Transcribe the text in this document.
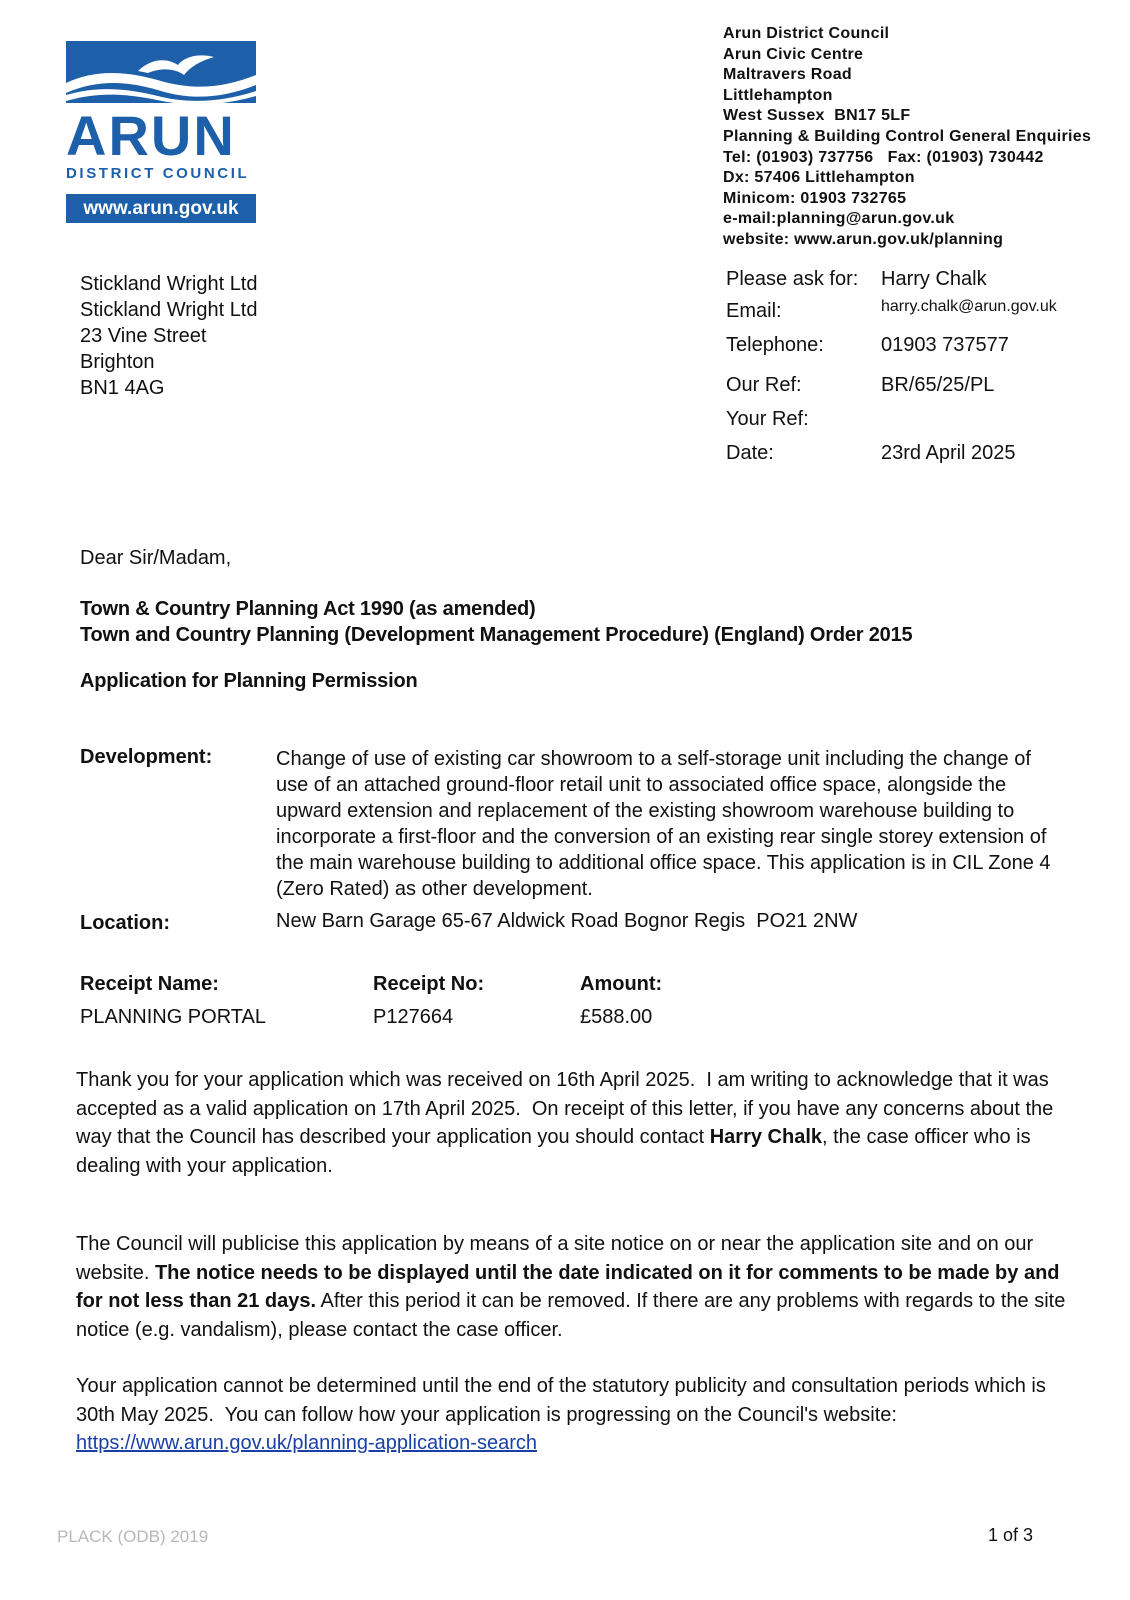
ARUN
DISTRICT COUNCIL
www.arun.gov.uk
Arun District Council
Arun Civic Centre
Maltravers Road
Littlehampton
West Sussex  BN17 5LF
Planning & Building Control General Enquiries
Tel: (01903) 737756   Fax: (01903) 730442
Dx: 57406 Littlehampton
Minicom: 01903 732765
e-mail:planning@arun.gov.uk
website: www.arun.gov.uk/planning
Stickland Wright Ltd
Stickland Wright Ltd
23 Vine Street
Brighton
BN1 4AG
Please ask for: Harry Chalk
Email:	harry.chalk@arun.gov.uk
Telephone:	01903 737577
Our Ref:	BR/65/25/PL
Your Ref:
Date:	23rd April 2025
Dear Sir/Madam,
Town & Country Planning Act 1990 (as amended)
Town and Country Planning (Development Management Procedure) (England) Order 2015
Application for Planning Permission
Development:	Change of use of existing car showroom to a self-storage unit including the change of use of an attached ground-floor retail unit to associated office space, alongside the upward extension and replacement of the existing showroom warehouse building to incorporate a first-floor and the conversion of an existing rear single storey extension of the main warehouse building to additional office space. This application is in CIL Zone 4 (Zero Rated) as other development.
Location:	New Barn Garage 65-67 Aldwick Road Bognor Regis  PO21 2NW
Receipt Name:
PLANNING PORTAL
Receipt No:
P127664
Amount:
£588.00
Thank you for your application which was received on 16th April 2025.  I am writing to acknowledge that it was accepted as a valid application on 17th April 2025.  On receipt of this letter, if you have any concerns about the way that the Council has described your application you should contact Harry Chalk, the case officer who is dealing with your application.
The Council will publicise this application by means of a site notice on or near the application site and on our website. The notice needs to be displayed until the date indicated on it for comments to be made by and for not less than 21 days. After this period it can be removed. If there are any problems with regards to the site notice (e.g. vandalism), please contact the case officer.
Your application cannot be determined until the end of the statutory publicity and consultation periods which is 30th May 2025.  You can follow how your application is progressing on the Council's website:
https://www.arun.gov.uk/planning-application-search
PLACK (ODB) 2019	1 of 3
